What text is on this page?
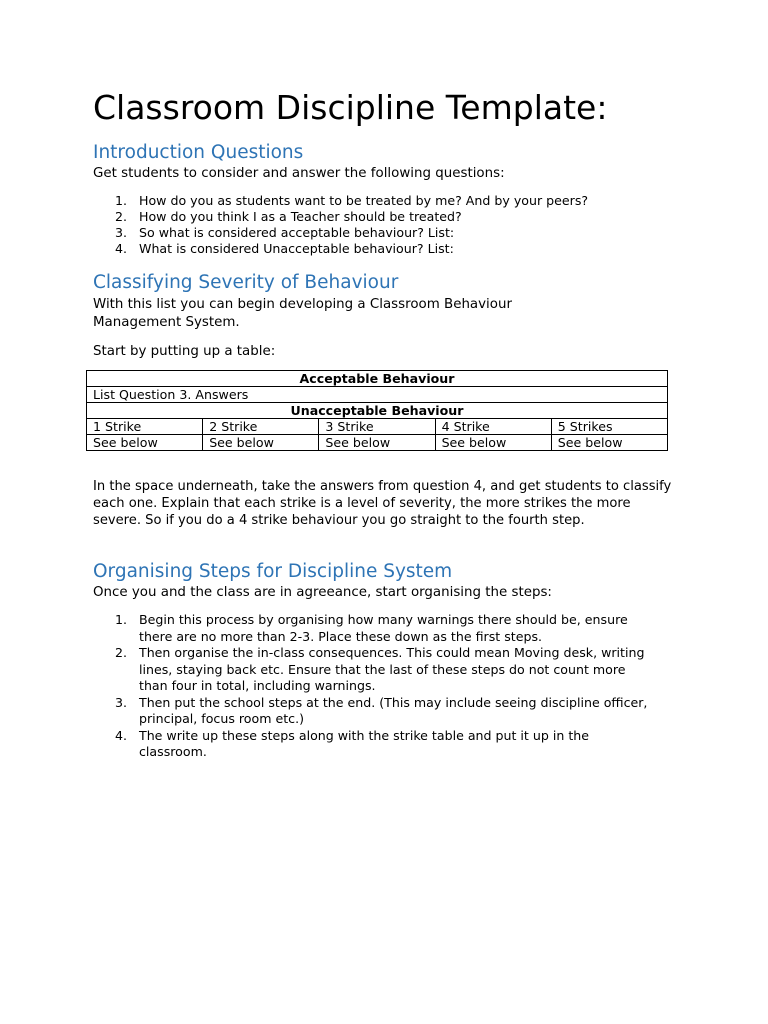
Classroom Discipline Template:
Introduction Questions

Get students to consider and answer the following questions:

1. How do you as students want to be treated by me? And by your peers?
2. How do you think I as a Teacher should be treated?
3. So what is considered acceptable behaviour? List:
4. What is considered Unacceptable behaviour? List:
Classifying Severity of Behaviour

With this list you can begin developing a Classroom Behaviour Management System.

Start by putting up a table:

Acceptable Behaviour				
List Question 3. Answers				
Unacceptable Behaviour				
1 Strike	2 Strike	3 Strike	4 Strike	5 Strikes
See below	See below	See below	See below	See below

In the space underneath, take the answers from question 4, and get students to classify each one. Explain that each strike is a level of severity, the more strikes the more severe. So if you do a 4 strike behaviour you go straight to the fourth step.

Organising Steps for Discipline System

Once you and the class are in agreeance, start organising the steps:

1. Begin this process by organising how many warnings there should be, ensure there are no more than 2-3. Place these down as the first steps.
2. Then organise the in-class consequences. This could mean Moving desk, writing lines, staying back etc. Ensure that the last of these steps do not count more than four in total, including warnings.
3. Then put the school steps at the end. (This may include seeing discipline officer, principal, focus room etc.)
4. The write up these steps along with the strike table and put it up in the classroom.
